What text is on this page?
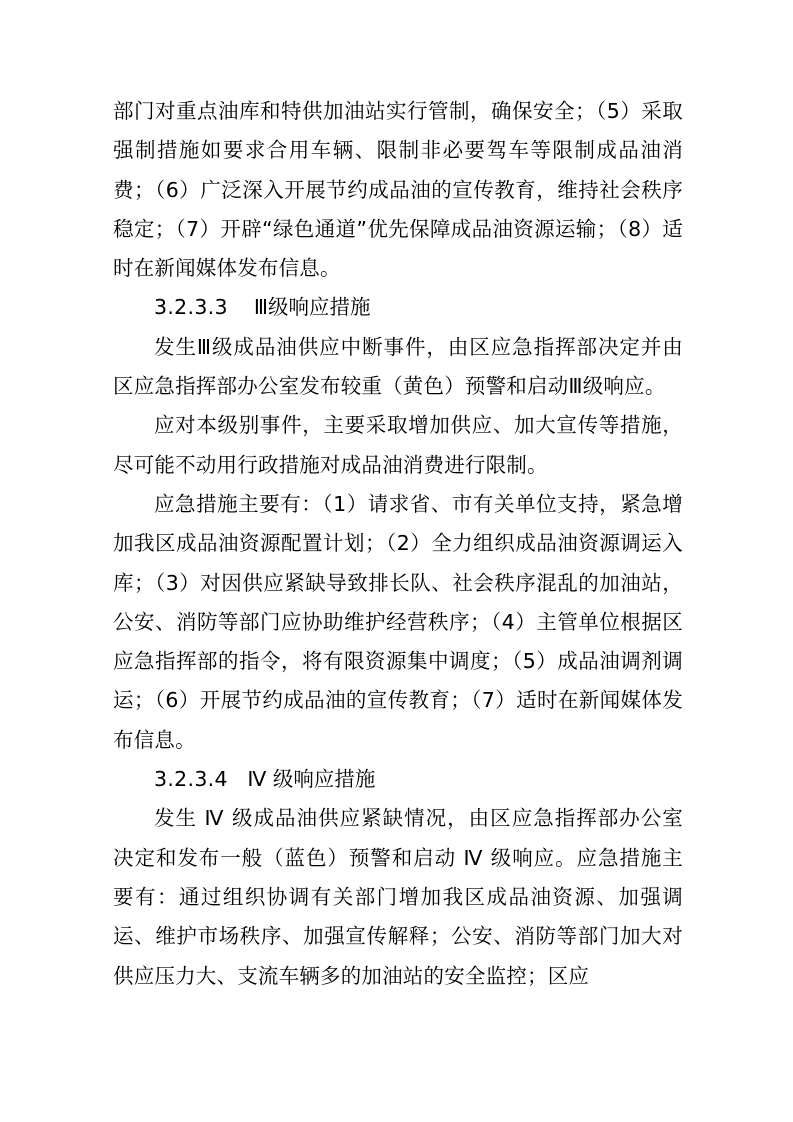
部门对重点油库和特供加油站实行管制，确保安全；（5）采取强制措施如要求合用车辆、限制非必要驾车等限制成品油消费；（6）广泛深入开展节约成品油的宣传教育，维持社会秩序稳定；（7）开辟“绿色通道”优先保障成品油资源运输；（8）适时在新闻媒体发布信息。

3.2.3.3 Ⅲ级响应措施

发生Ⅲ级成品油供应中断事件，由区应急指挥部决定并由区应急指挥部办公室发布较重（黄色）预警和启动Ⅲ级响应。

应对本级别事件，主要采取增加供应、加大宣传等措施，尽可能不动用行政措施对成品油消费进行限制。

应急措施主要有：（1）请求省、市有关单位支持，紧急增加我区成品油资源配置计划；（2）全力组织成品油资源调运入库；（3）对因供应紧缺导致排长队、社会秩序混乱的加油站，公安、消防等部门应协助维护经营秩序；（4）主管单位根据区应急指挥部的指令，将有限资源集中调度；（5）成品油调剂调运；（6）开展节约成品油的宣传教育；（7）适时在新闻媒体发布信息。

3.2.3.4 Ⅳ 级响应措施

发生 Ⅳ 级成品油供应紧缺情况，由区应急指挥部办公室决定和发布一般（蓝色）预警和启动 Ⅳ 级响应。应急措施主要有：通过组织协调有关部门增加我区成品油资源、加强调运、维护市场秩序、加强宣传解释；公安、消防等部门加大对供应压力大、支流车辆多的加油站的安全监控；区应
